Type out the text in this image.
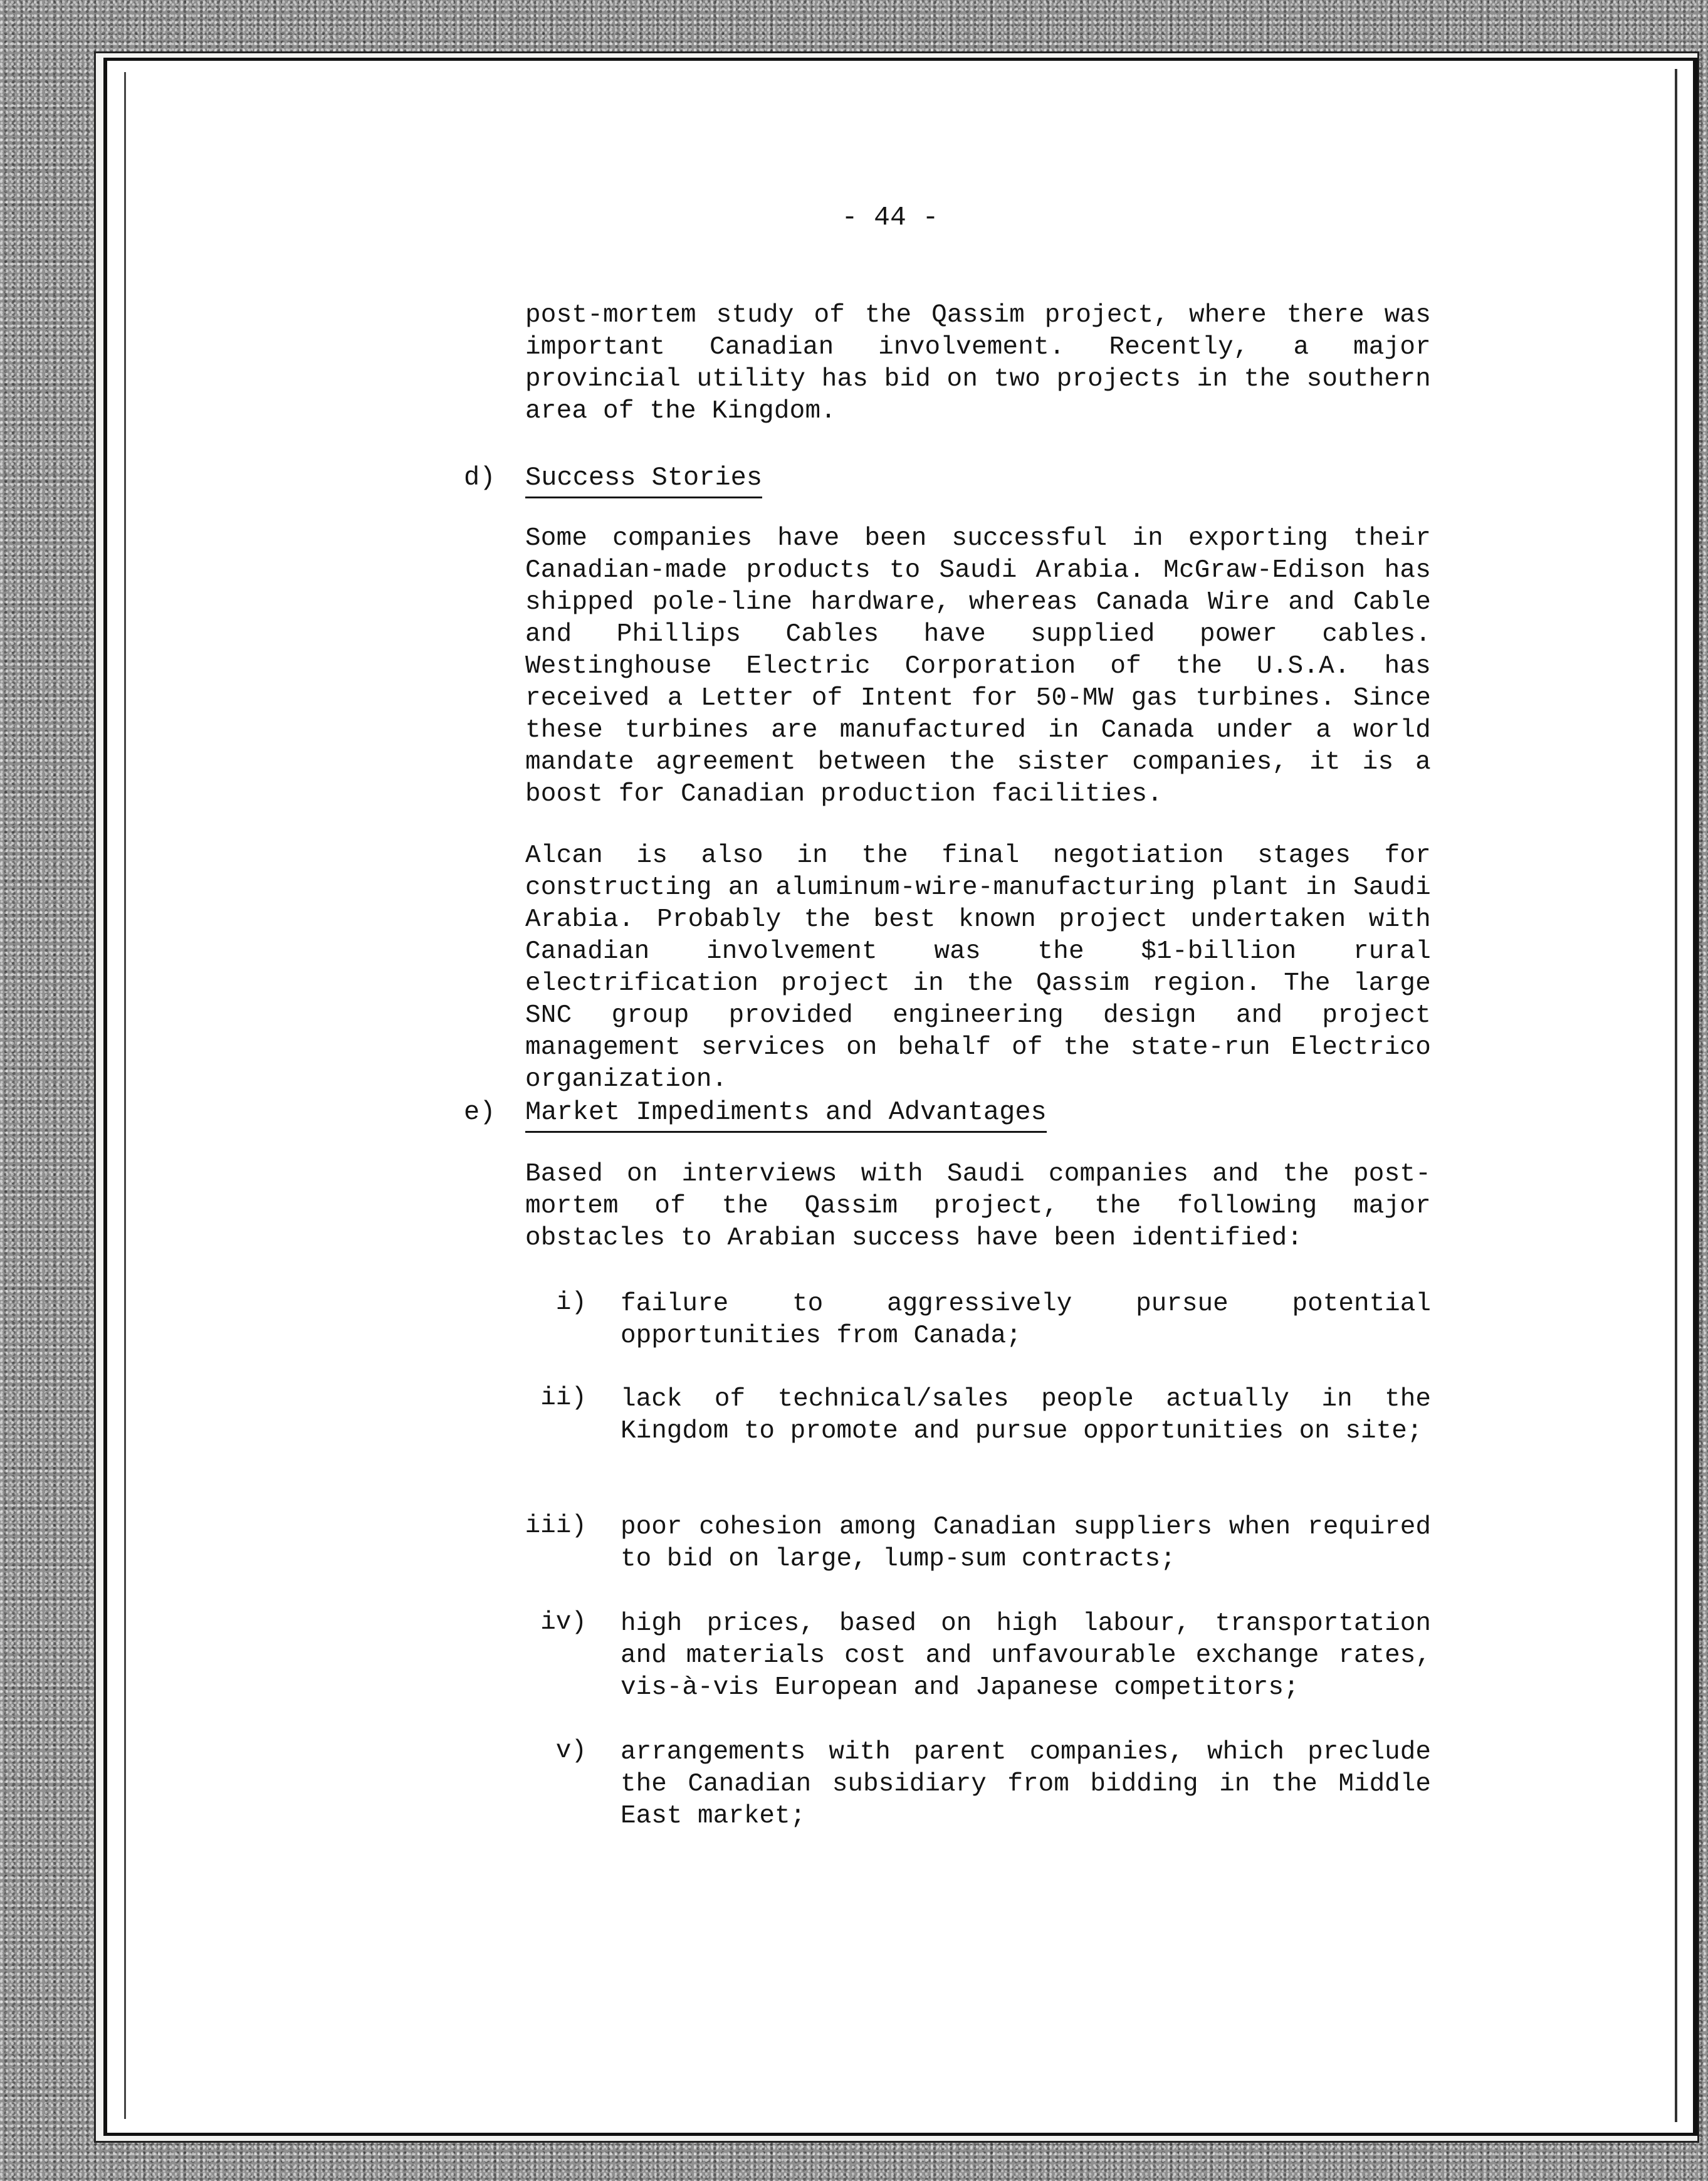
- 44 -
post-mortem study of the Qassim project, where there was important Canadian involvement. Recently, a major provincial utility has bid on two projects in the southern area of the Kingdom.
d) Success Stories
Some companies have been successful in exporting their Canadian-made products to Saudi Arabia. McGraw-Edison has shipped pole-line hardware, whereas Canada Wire and Cable and Phillips Cables have supplied power cables. Westinghouse Electric Corporation of the U.S.A. has received a Letter of Intent for 50-MW gas turbines. Since these turbines are manufactured in Canada under a world mandate agreement between the sister companies, it is a boost for Canadian production facilities.
Alcan is also in the final negotiation stages for constructing an aluminum-wire-manufacturing plant in Saudi Arabia. Probably the best known project undertaken with Canadian involvement was the $1-billion rural electrification project in the Qassim region. The large SNC group provided engineering design and project management services on behalf of the state-run Electrico organization.
e) Market Impediments and Advantages
Based on interviews with Saudi companies and the post-mortem of the Qassim project, the following major obstacles to Arabian success have been identified:
i) failure to aggressively pursue potential opportunities from Canada;
ii) lack of technical/sales people actually in the Kingdom to promote and pursue opportunities on site;
iii) poor cohesion among Canadian suppliers when required to bid on large, lump-sum contracts;
iv) high prices, based on high labour, transportation and materials cost and unfavourable exchange rates, vis-à-vis European and Japanese competitors;
v) arrangements with parent companies, which preclude the Canadian subsidiary from bidding in the Middle East market;
